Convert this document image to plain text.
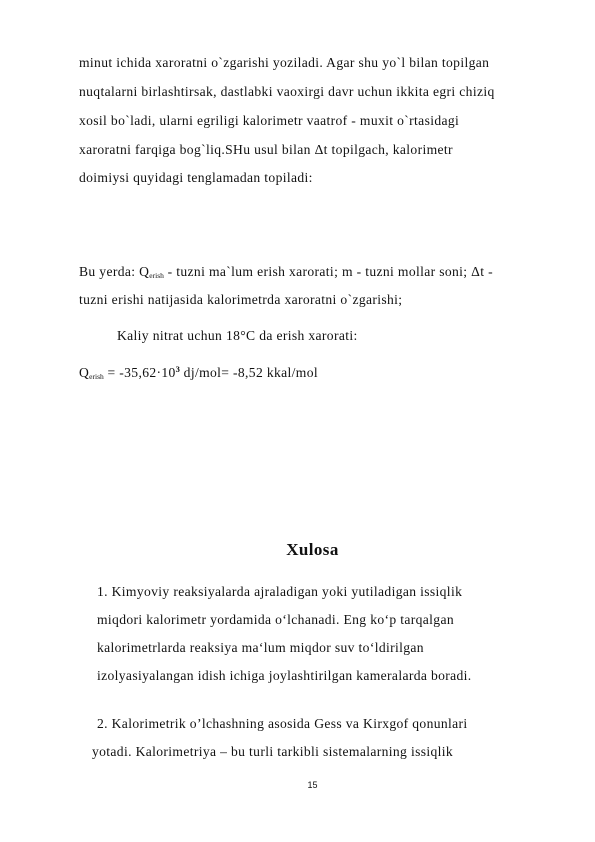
minut ichida xaroratni o`zgarishi yoziladi. Agar shu yo`l bilan topilgan
nuqtalarni birlashtirsak, dastlabki vaoxirgi davr uchun ikkita egri chiziq
xosil bo`ladi, ularni egriligi kalorimetr vaatrof - muxit o`rtasidagi
xaroratni farqiga bog`liq.SHu usul bilan Δt topilgach, kalorimetr
doimiysi quyidagi tenglamadan topiladi:
Bu yerda: $Q_{erish}$ - tuzni ma`lum erish xarorati; m - tuzni mollar soni; Δt -
tuzni erishi natijasida kalorimetrda xaroratni o`zgarishi;
Kaliy nitrat uchun 18°C da erish xarorati:
$Q_{erish} = -35,62\cdot 10^3$ dj/mol= -8,52 kkal/mol
Xulosa
1. Kimyoviy reaksiyalarda ajraladigan yoki yutiladigan issiqlik
miqdori kalorimetr yordamida o‘lchanadi. Eng ko‘p tarqalgan
kalorimetrlarda reaksiya ma‘lum miqdor suv to‘ldirilgan
izolyasiyalangan idish ichiga joylashtirilgan kameralarda boradi.
2. Kalorimetrik o’lchashning asosida Gess va Kirxgof qonunlari
yotadi. Kalorimetriya – bu turli tarkibli sistemalarning issiqlik
15
